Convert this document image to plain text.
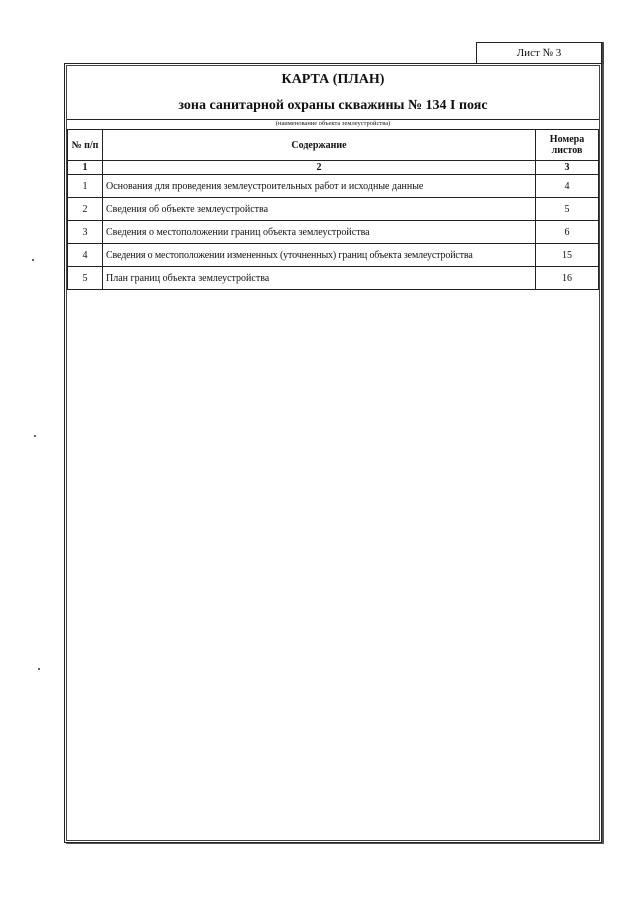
Лист № 3
КАРТА (ПЛАН)
зона санитарной охраны скважины № 134 I пояс
(наименование объекта землеустройства)
№ п/п	Содержание	Номера листов
1	2	3
1	Основания для проведения землеустроительных работ и исходные данные	4
2	Сведения об объекте землеустройства	5
3	Сведения о местоположении границ объекта землеустройства	6
4	Сведения о местоположении измененных (уточненных) границ объекта землеустройства	15
5	План границ объекта землеустройства	16
